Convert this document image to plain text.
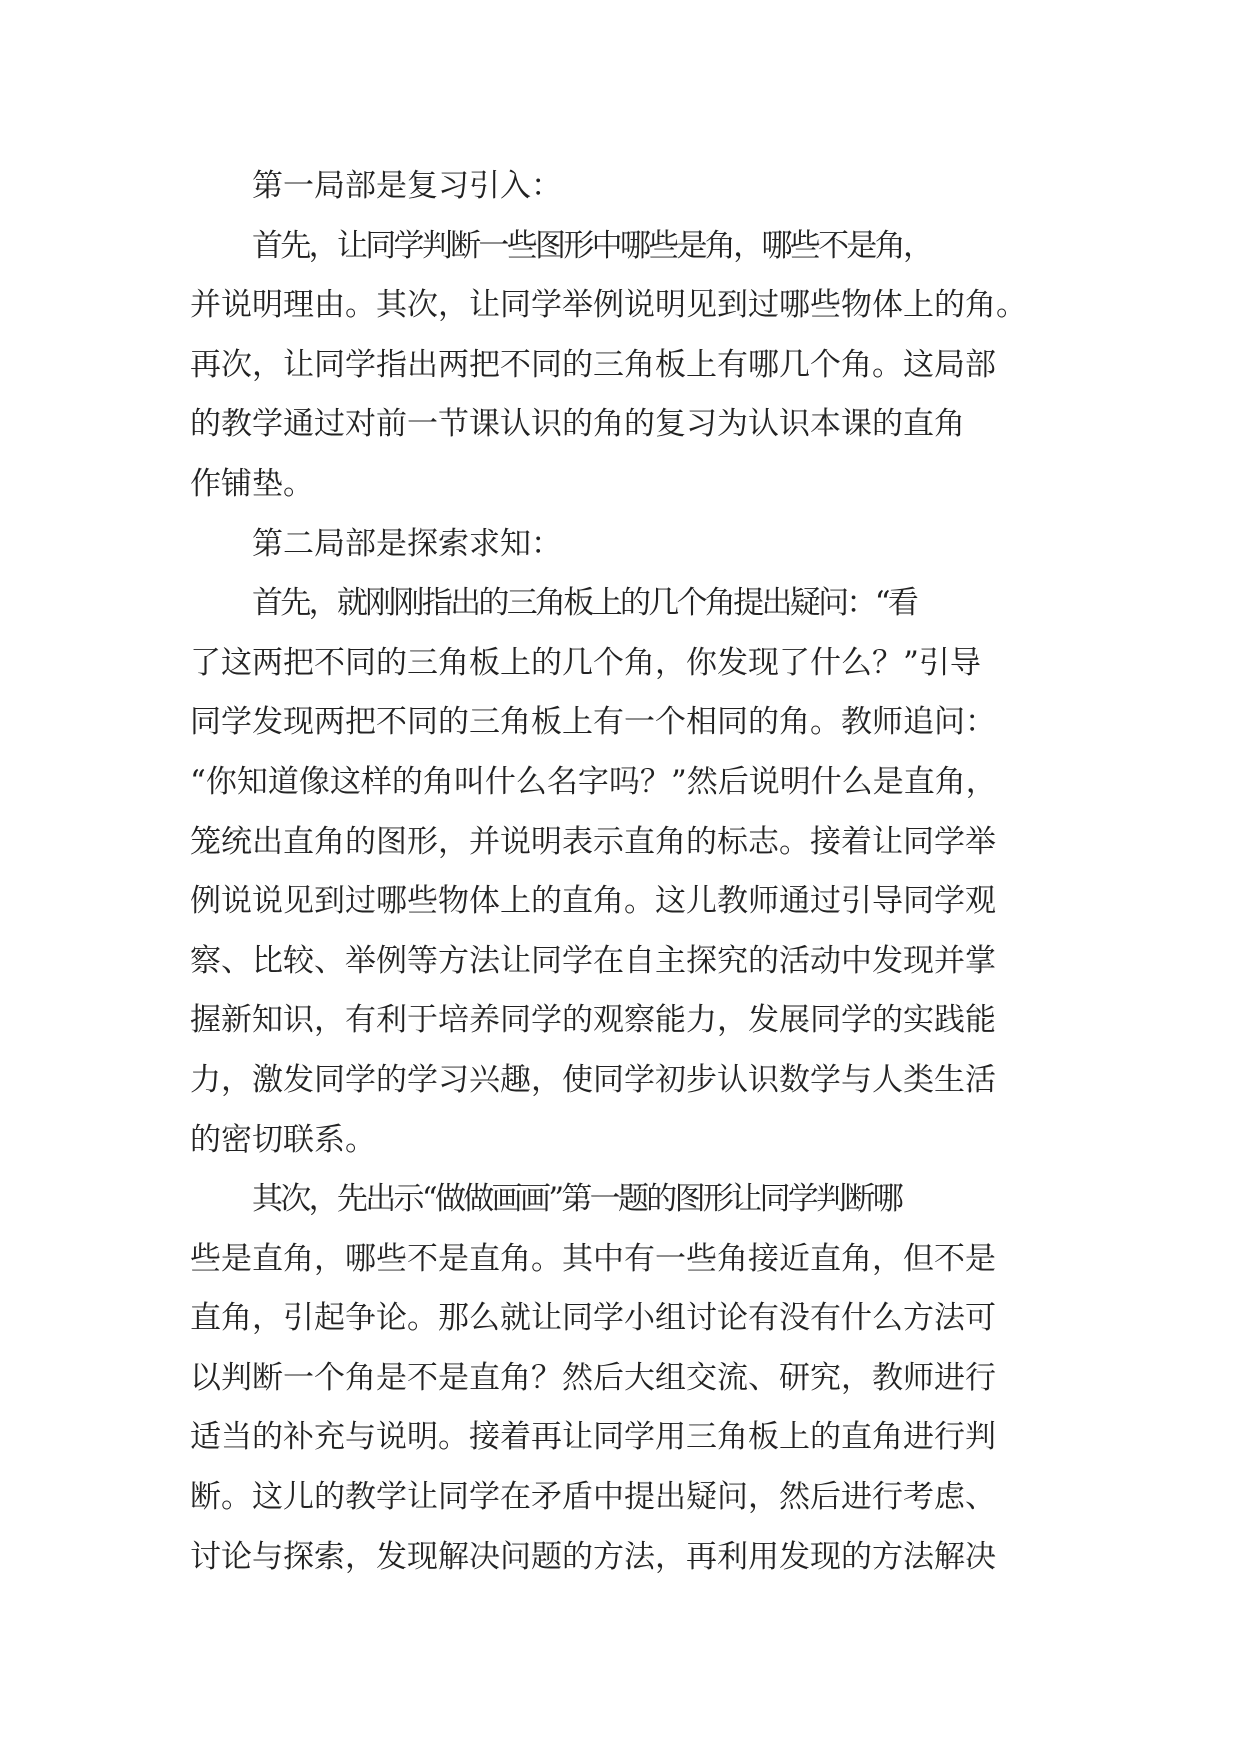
第一局部是复习引入：
首先，让同学判断一些图形中哪些是角，哪些不是角，
并说明理由。其次，让同学举例说明见到过哪些物体上的角。
再次，让同学指出两把不同的三角板上有哪几个角。这局部
的教学通过对前一节课认识的角的复习为认识本课的直角
作铺垫。
第二局部是探索求知：
首先，就刚刚指出的三角板上的几个角提出疑问：“看
了这两把不同的三角板上的几个角，你发现了什么？”引导
同学发现两把不同的三角板上有一个相同的角。教师追问：
“你知道像这样的角叫什么名字吗？”然后说明什么是直角，
笼统出直角的图形，并说明表示直角的标志。接着让同学举
例说说见到过哪些物体上的直角。这儿教师通过引导同学观
察、比较、举例等方法让同学在自主探究的活动中发现并掌
握新知识，有利于培养同学的观察能力，发展同学的实践能
力，激发同学的学习兴趣，使同学初步认识数学与人类生活
的密切联系。
其次，先出示“做做画画”第一题的图形让同学判断哪
些是直角，哪些不是直角。其中有一些角接近直角，但不是
直角，引起争论。那么就让同学小组讨论有没有什么方法可
以判断一个角是不是直角？然后大组交流、研究，教师进行
适当的补充与说明。接着再让同学用三角板上的直角进行判
断。这儿的教学让同学在矛盾中提出疑问，然后进行考虑、
讨论与探索，发现解决问题的方法，再利用发现的方法解决
